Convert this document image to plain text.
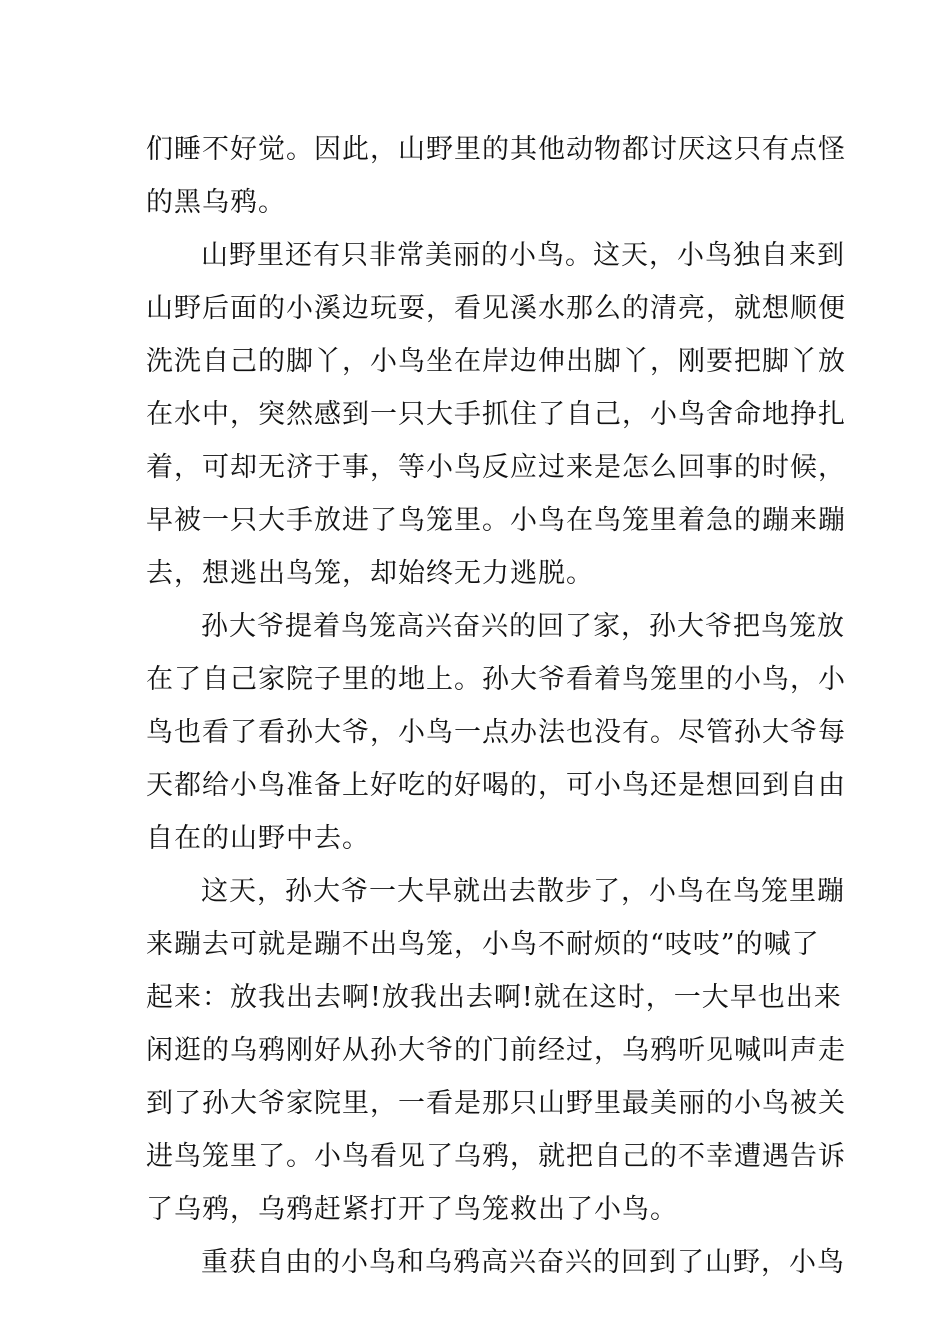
们睡不好觉。因此，山野里的其他动物都讨厌这只有点怪
的黑乌鸦。
山野里还有只非常美丽的小鸟。这天，小鸟独自来到
山野后面的小溪边玩耍，看见溪水那么的清亮，就想顺便
洗洗自己的脚丫，小鸟坐在岸边伸出脚丫，刚要把脚丫放
在水中，突然感到一只大手抓住了自己，小鸟舍命地挣扎
着，可却无济于事，等小鸟反应过来是怎么回事的时候，
早被一只大手放进了鸟笼里。小鸟在鸟笼里着急的蹦来蹦
去，想逃出鸟笼，却始终无力逃脱。
孙大爷提着鸟笼高兴奋兴的回了家，孙大爷把鸟笼放
在了自己家院子里的地上。孙大爷看着鸟笼里的小鸟，小
鸟也看了看孙大爷，小鸟一点办法也没有。尽管孙大爷每
天都给小鸟准备上好吃的好喝的，可小鸟还是想回到自由
自在的山野中去。
这天，孙大爷一大早就出去散步了，小鸟在鸟笼里蹦
来蹦去可就是蹦不出鸟笼，小鸟不耐烦的“吱吱”的喊了
起来：放我出去啊!放我出去啊!就在这时，一大早也出来
闲逛的乌鸦刚好从孙大爷的门前经过，乌鸦听见喊叫声走
到了孙大爷家院里，一看是那只山野里最美丽的小鸟被关
进鸟笼里了。小鸟看见了乌鸦，就把自己的不幸遭遇告诉
了乌鸦，乌鸦赶紧打开了鸟笼救出了小鸟。
重获自由的小鸟和乌鸦高兴奋兴的回到了山野，小鸟
